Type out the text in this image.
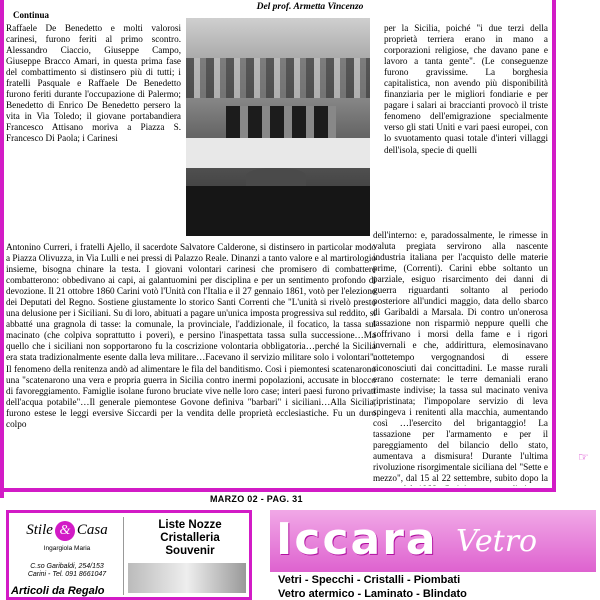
Del prof. Armetta Vincenzo
Continua

Raffaele De Benedetto e molti valorosi carinesi, furono feriti al primo scontro. Alessandro Ciaccio, Giuseppe Campo, Giuseppe Bracco Amari, in questa prima fase del combattimento si distinsero più di tutti; i fratelli Pasquale e Raffaele De Benedetto furono feriti durante l'occupazione di Palermo; Benedetto di Enrico De Benedetto persero la vita in Via Toledo; il giovane portabandiera Francesco Attisano moriva a Piazza S. Francesco Di Paola; i Carinesi

per la Sicilia, poiché "i due terzi della proprietà terriera erano in mano a corporazioni religiose, che davano pane e lavoro a tanta gente". (Le conseguenze furono gravissime. La borghesia capitalistica, non avendo più disponibilità finanziaria per le migliori fondiarie e per pagare i salari ai braccianti provocò il triste fenomeno dell'emigrazione specialmente verso gli stati Uniti e vari paesi europei, con lo svuotamento quasi totale d'interi villaggi dell'isola, specie di quelli

Antonino Curreri, i fratelli Ajello, il sacerdote Salvatore Calderone, si distinsero in particolar modo a Piazza Olivuzza, in Via Lulli e nei pressi di Palazzo Reale. Dinanzi a tanto valore e al martirologio insieme, bisogna chinare la testa. I giovani volontari carinesi che promisero di combattere combatterono: obbedivano ai capi, ai galantuomini per disciplina e per un sentimento profondo di devozione. Il 21 ottobre 1860 Carini votò l'Unità con l'Italia e il 27 gennaio 1861, votò per l'elezione dei Deputati del Regno. Sostiene giustamente lo storico Santi Correnti che "L'unità si rivelò presto una delusione per i Siciliani. Su di loro, abituati a pagare un'unica imposta progressiva sul reddito, si abbatté una gragnola di tasse: la comunale, la provinciale, l'addizionale, il focatico, la tassa sul macinato (che colpiva soprattutto i poveri), e persino l'inaspettata tassa sulla successione…Ma quello che i siciliani non sopportarono fu la coscrizione volontaria obbligatoria…perché la Sicilia era stata tradizionalmente esente dalla leva militare…Facevano il servizio militare solo i volontari". Il fenomeno della renitenza andò ad alimentare le fila del banditismo. Così i piemontesi scatenarono una "scatenarono una vera e propria guerra in Sicilia contro inermi popolazioni, accusate in blocco di favoreggiamento. Famiglie isolane furono bruciate vive nelle loro case; interi paesi furono privati dell'acqua potabile"…Il generale piemontese Govone definiva "barbari" i siciliani…Alla Sicilia, furono estese le leggi eversive Siccardi per la vendita delle proprietà ecclesiastiche. Fu un duro colpo

dell'interno: e, paradossalmente, le rimesse in valuta pregiata servirono alla nascente industria italiana per l'acquisto delle materie prime, (Correnti). Carini ebbe soltanto un parziale, esiguo risarcimento dei danni di guerra riguardanti soltanto al periodo posteriore all'undici maggio, data dello sbarco di Garibaldi a Marsala. Di contro un'onerosa tassazione non risparmiò neppure quelli che soffrivano i morsi della fame e i rigori invernali e che, addirittura, elemosinavano nottetempo vergognandosi di essere riconosciuti dai concittadini. Le masse rurali erano costernate: le terre demaniali erano rimaste indivise; la tassa sul macinato veniva ripristinata; l'impopolare servizio di leva spingeva i renitenti alla macchia, aumentando così …l'esercito del brigantaggio! La tassazione per l'armamento e per il pareggiamento del bilancio dello stato, aumentava a dismisura! Durante l'ultima rivoluzione risorgimentale siciliana del "Sette e mezzo", dal 15 al 22 settembre, subito dopo la

☞
MARZO 02 - PAG. 31
Stile & Casa
Ingargiola Maria
C.so Garibaldi, 254/153
Carini - Tel. 091 8661047
Articoli da Regalo
Liste Nozze
Cristalleria
Souvenir	Iccara Vetro
Vetri - Specchi - Cristalli - Piombati
Vetro atermico - Laminato - Blindato
